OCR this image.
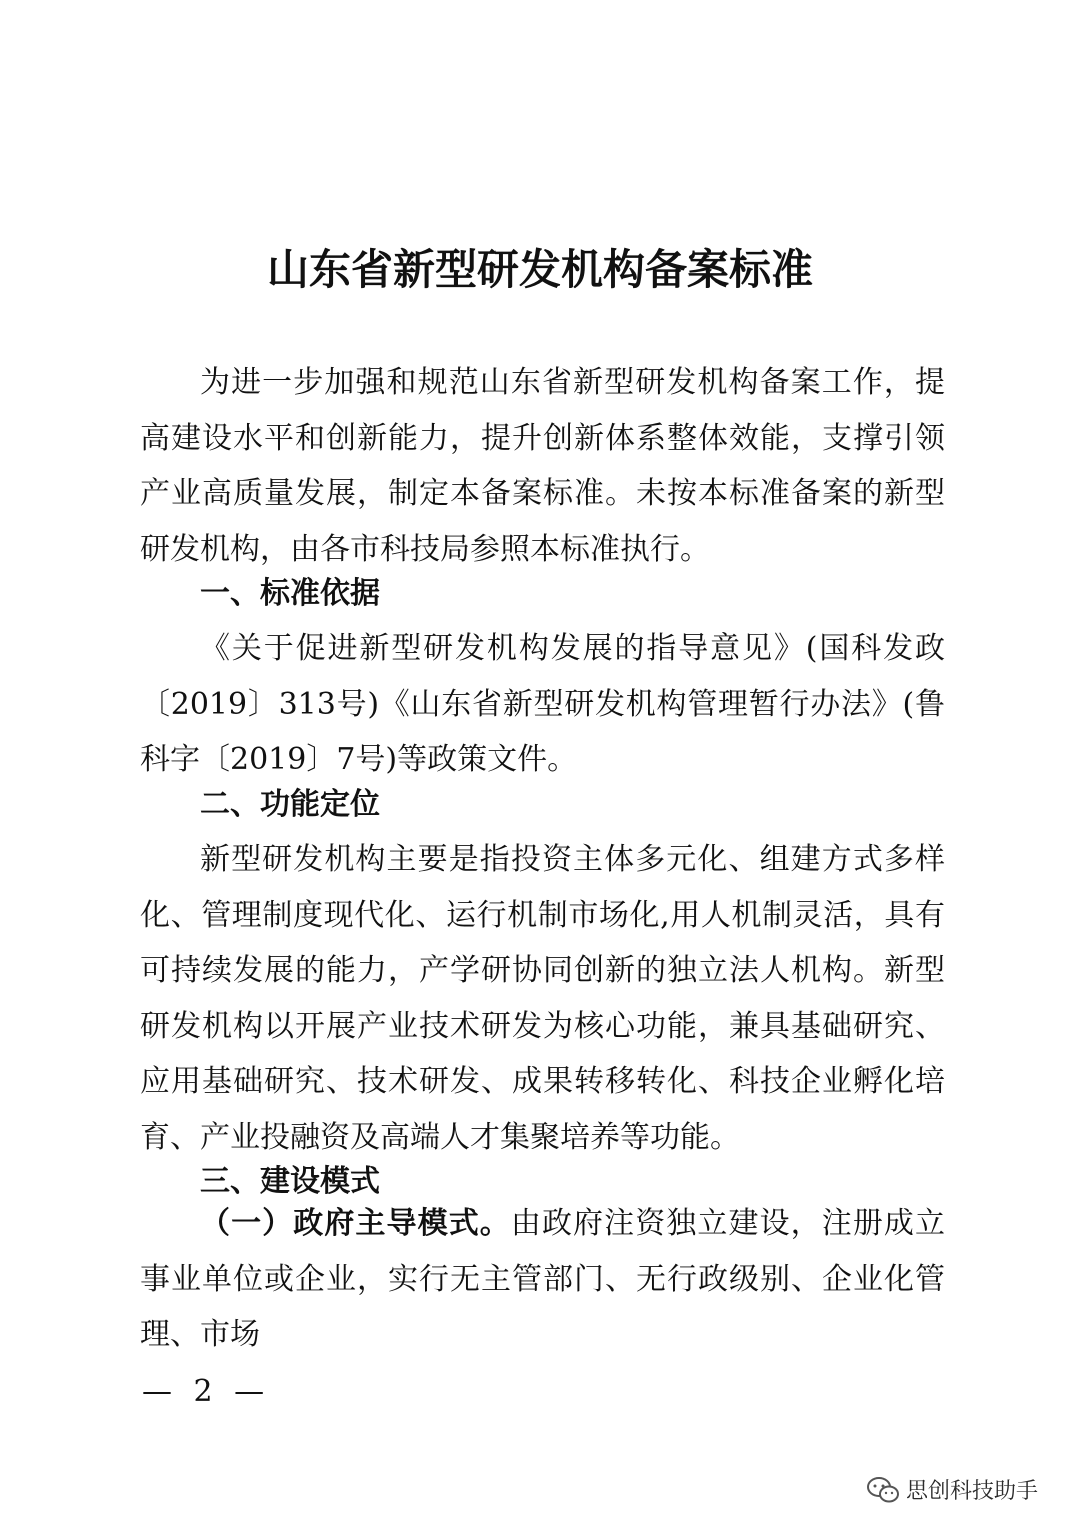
山东省新型研发机构备案标准

为进一步加强和规范山东省新型研发机构备案工作，提高建设水平和创新能力，提升创新体系整体效能，支撑引领产业高质量发展，制定本备案标准。未按本标准备案的新型研发机构，由各市科技局参照本标准执行。

一、标准依据

《关于促进新型研发机构发展的指导意见》(国科发政〔2019〕313号)《山东省新型研发机构管理暂行办法》(鲁科字〔2019〕7号)等政策文件。

二、功能定位

新型研发机构主要是指投资主体多元化、组建方式多样化、管理制度现代化、运行机制市场化,用人机制灵活，具有可持续发展的能力，产学研协同创新的独立法人机构。新型研发机构以开展产业技术研发为核心功能，兼具基础研究、应用基础研究、技术研发、成果转移转化、科技企业孵化培育、产业投融资及高端人才集聚培养等功能。

三、建设模式

（一）政府主导模式。由政府注资独立建设，注册成立事业单位或企业，实行无主管部门、无行政级别、企业化管理、市场

— 2 —
思创科技助手
